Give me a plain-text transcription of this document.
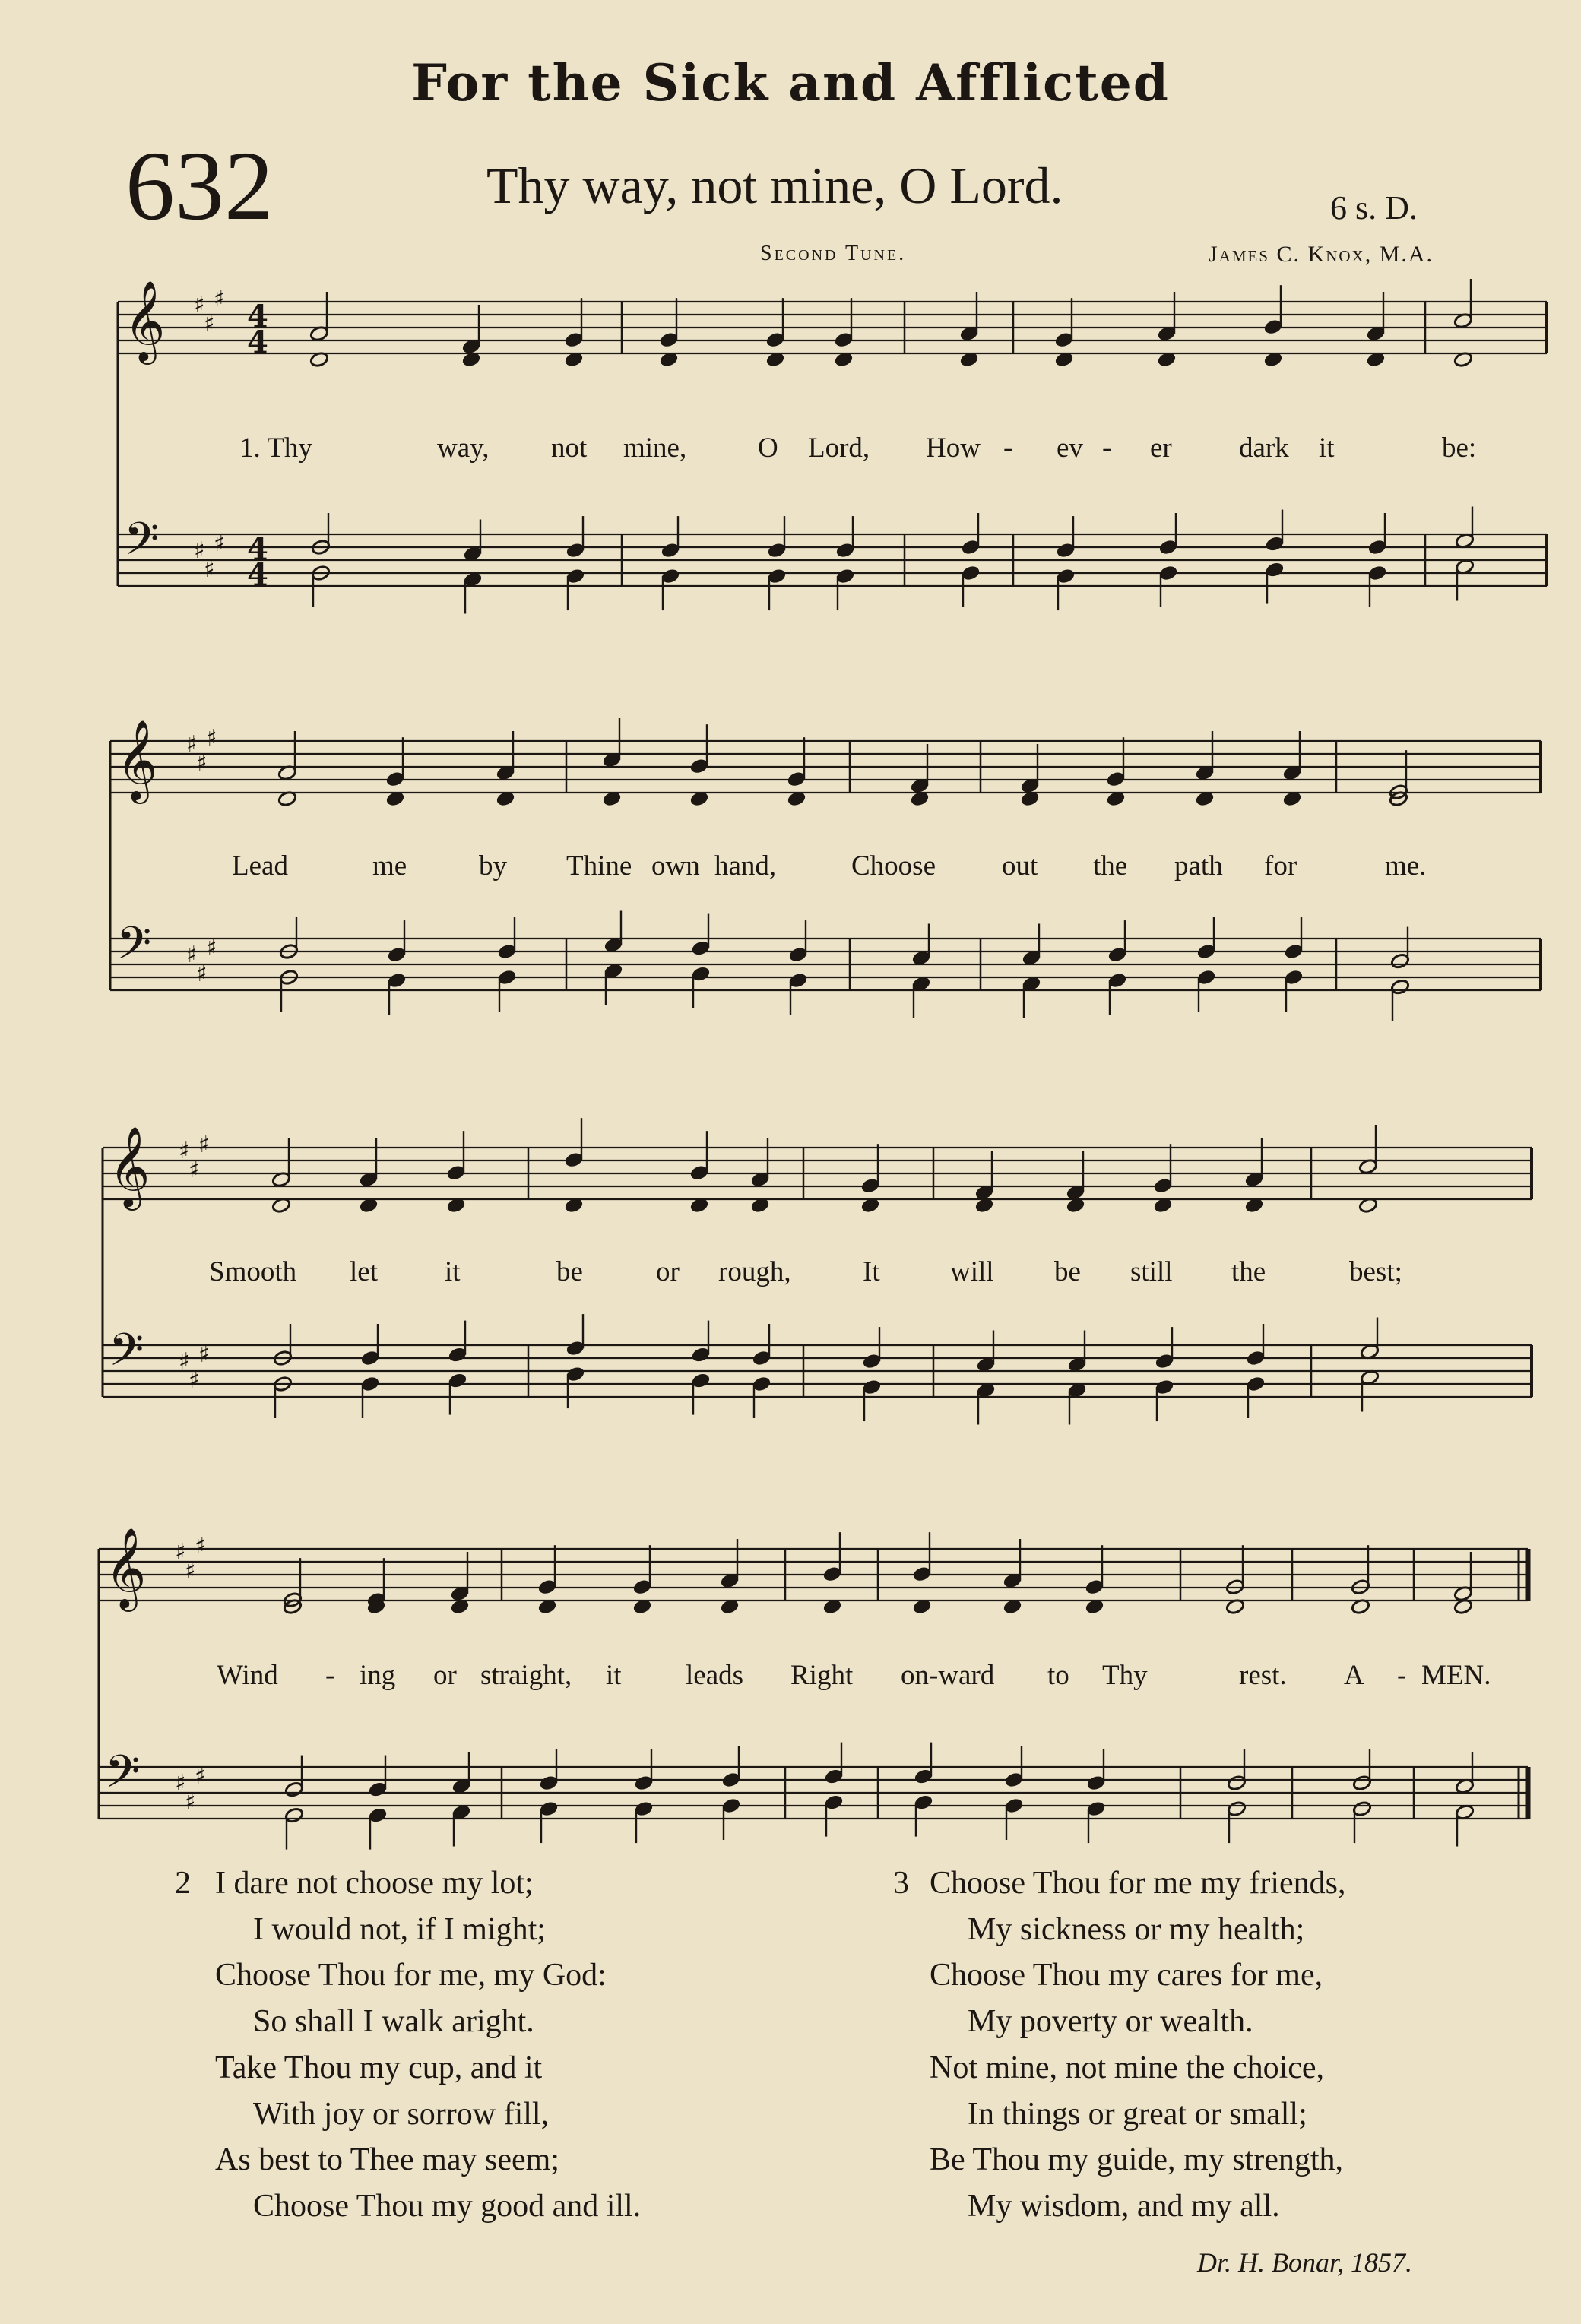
For the Sick and Afflicted
632	Thy way, not mine, O Lord.	6 s. D.
Second Tune.	James C. Knox, M.A.
𝄞
𝄢
♯
♯
♯
♯
♯
♯
4
4
4
4
𝄞
𝄢
♯
♯
♯
♯
♯
♯
𝄞
𝄢
♯
♯
♯
♯
♯
♯
𝄞
𝄢
♯
♯
♯
♯
♯
♯
1. Thy	way, not mine,	O Lord, How - ev - er dark it	be:
Lead	me	by Thine own hand,	Choose out the path for	me.
Smooth let it	be	or rough,	It will be still the	best;
Wind - ing or straight, it leads Right on-ward to Thy	rest. A - MEN.
2 I dare not choose my lot;
I would not, if I might;
Choose Thou for me, my God:
So shall I walk aright.
Take Thou my cup, and it
With joy or sorrow fill,
As best to Thee may seem;
Choose Thou my good and ill.
3 Choose Thou for me my friends,
My sickness or my health;
Choose Thou my cares for me,
My poverty or wealth.
Not mine, not mine the choice,
In things or great or small;
Be Thou my guide, my strength,
My wisdom, and my all.
Dr. H. Bonar, 1857.
